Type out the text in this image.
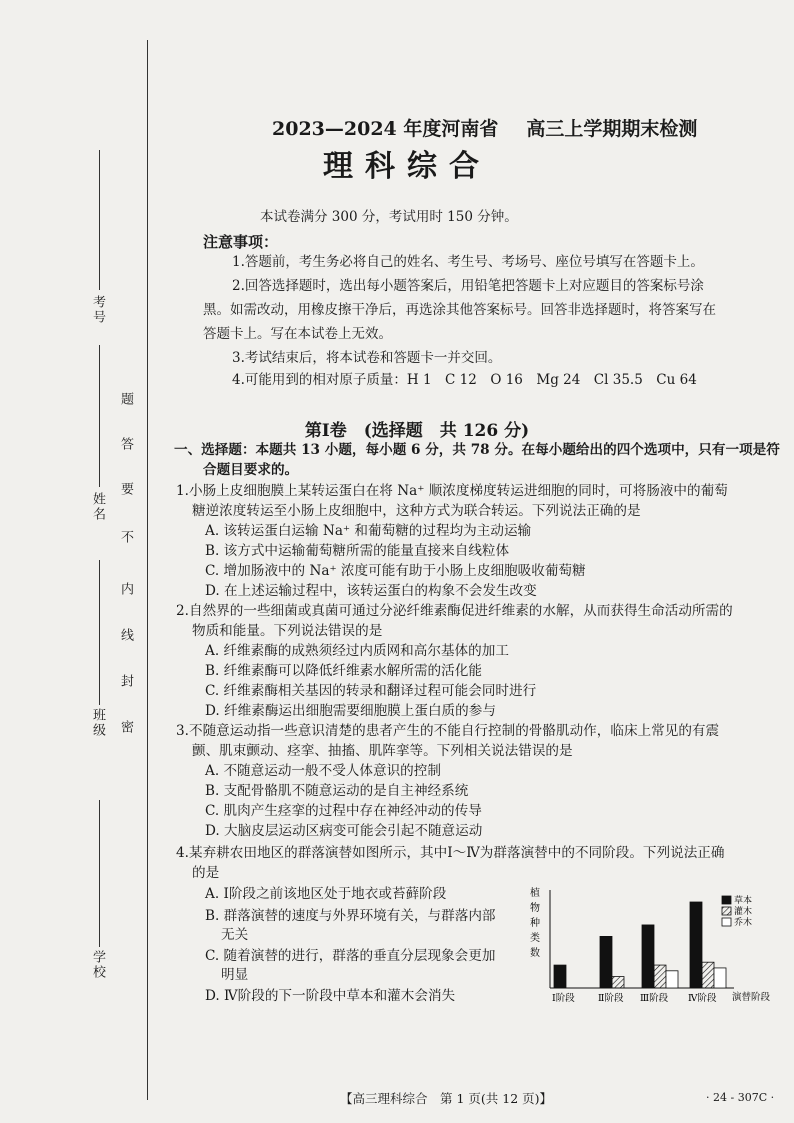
考号
姓名
班级
学校
题
答
要
不
内
线
封
密
2023—2024 年度河南省 高三上学期期末检测
理科综合
本试卷满分 300 分，考试用时 150 分钟。
注意事项：
1.答题前，考生务必将自己的姓名、考生号、考场号、座位号填写在答题卡上。
2.回答选择题时，选出每小题答案后，用铅笔把答题卡上对应题目的答案标号涂
黑。如需改动，用橡皮擦干净后，再选涂其他答案标号。回答非选择题时，将答案写在
答题卡上。写在本试卷上无效。
3.考试结束后，将本试卷和答题卡一并交回。
4.可能用到的相对原子质量：H 1　C 12　O 16　Mg 24　Cl 35.5　Cu 64
第Ⅰ卷　(选择题　共 126 分)
一、选择题：本题共 13 小题，每小题 6 分，共 78 分。在每小题给出的四个选项中，只有一项是符
合题目要求的。
1.小肠上皮细胞膜上某转运蛋白在将 Na⁺ 顺浓度梯度转运进细胞的同时，可将肠液中的葡萄
糖逆浓度转运至小肠上皮细胞中，这种方式为联合转运。下列说法正确的是
A. 该转运蛋白运输 Na⁺ 和葡萄糖的过程均为主动运输
B. 该方式中运输葡萄糖所需的能量直接来自线粒体
C. 增加肠液中的 Na⁺ 浓度可能有助于小肠上皮细胞吸收葡萄糖
D. 在上述运输过程中，该转运蛋白的构象不会发生改变
2.自然界的一些细菌或真菌可通过分泌纤维素酶促进纤维素的水解，从而获得生命活动所需的
物质和能量。下列说法错误的是
A. 纤维素酶的成熟须经过内质网和高尔基体的加工
B. 纤维素酶可以降低纤维素水解所需的活化能
C. 纤维素酶相关基因的转录和翻译过程可能会同时进行
D. 纤维素酶运出细胞需要细胞膜上蛋白质的参与
3.不随意运动指一些意识清楚的患者产生的不能自行控制的骨骼肌动作，临床上常见的有震
颤、肌束颤动、痉挛、抽搐、肌阵挛等。下列相关说法错误的是
A. 不随意运动一般不受人体意识的控制
B. 支配骨骼肌不随意运动的是自主神经系统
C. 肌肉产生痉挛的过程中存在神经冲动的传导
D. 大脑皮层运动区病变可能会引起不随意运动
4.某弃耕农田地区的群落演替如图所示，其中Ⅰ～Ⅳ为群落演替中的不同阶段。下列说法正确
的是
A. Ⅰ阶段之前该地区处于地衣或苔藓阶段
B. 群落演替的速度与外界环境有关，与群落内部
无关
C. 随着演替的进行，群落的垂直分层现象会更加
明显
D. Ⅳ阶段的下一阶段中草本和灌木会消失
植
物
种
类
数
Ⅰ阶段 Ⅱ阶段 Ⅲ阶段 Ⅳ阶段 演替阶段
草本
灌木
乔木
【高三理科综合　第 1 页(共 12 页)】	· 24 - 307C ·
